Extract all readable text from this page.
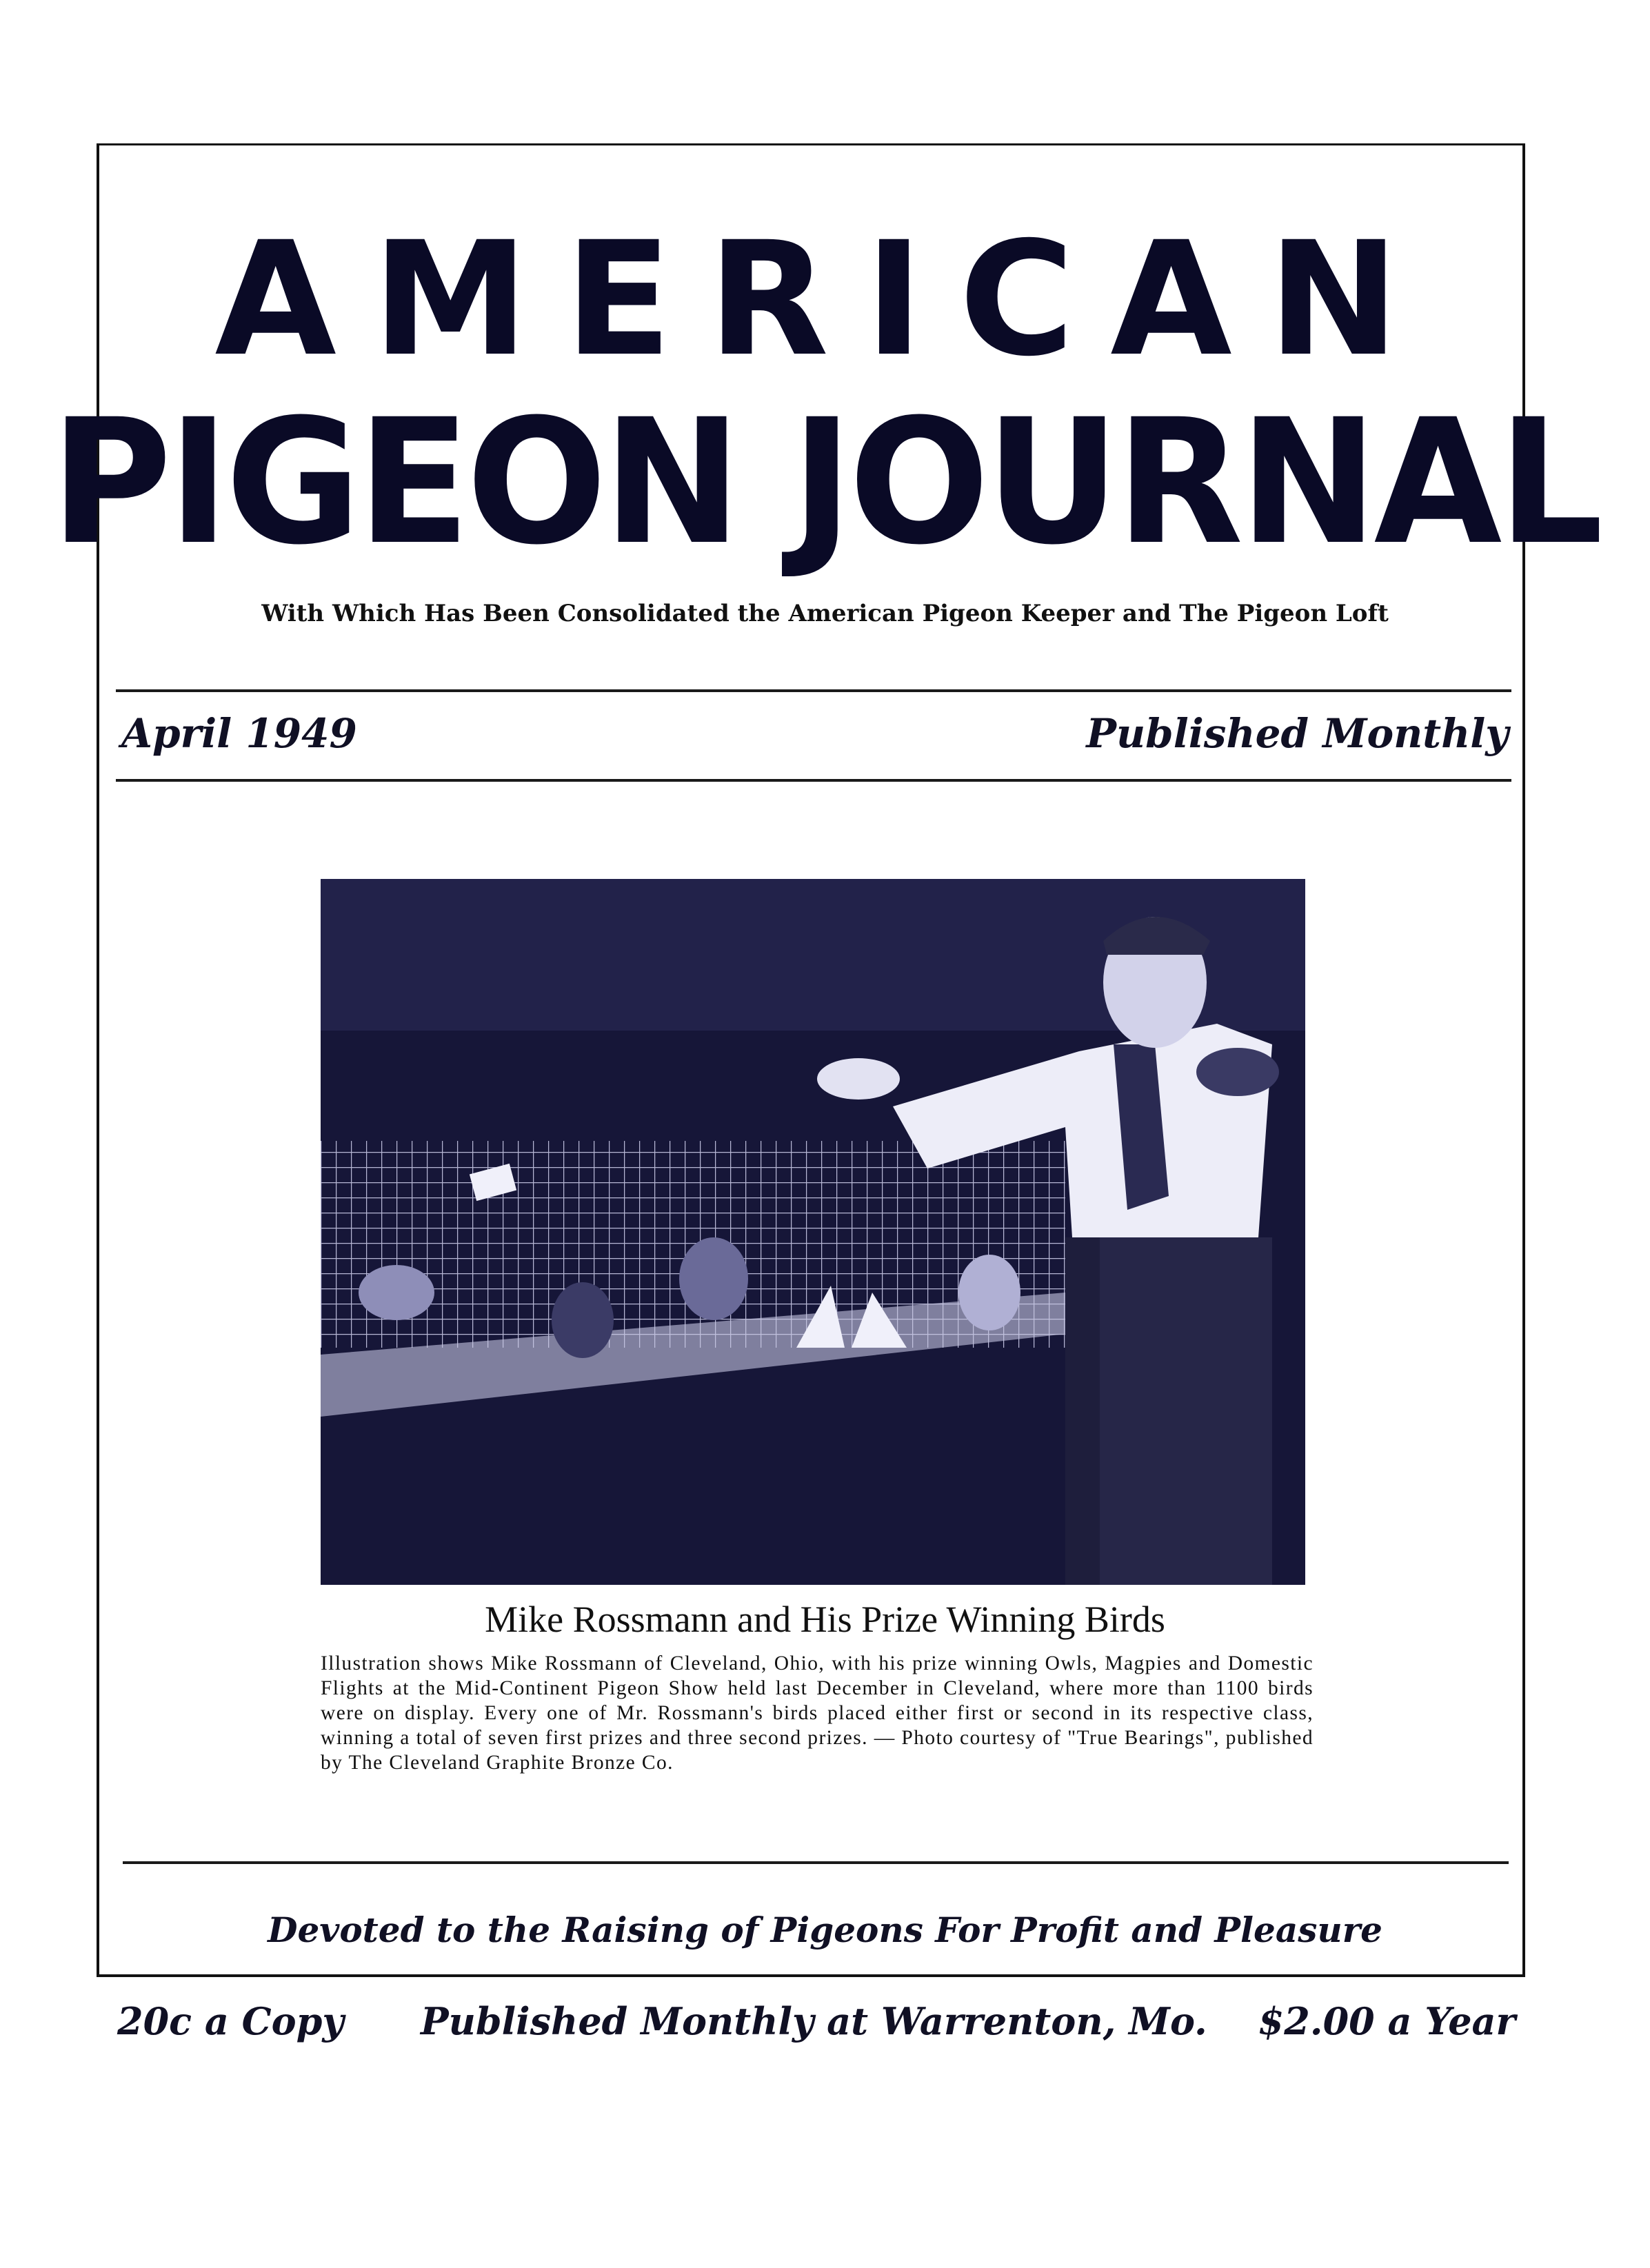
AMERICAN
PIGEON JOURNAL
With Which Has Been Consolidated the American Pigeon Keeper and The Pigeon Loft
April 1949	Published Monthly
Mike Rossmann and His Prize Winning Birds
Illustration shows Mike Rossmann of Cleveland, Ohio, with his prize winning Owls, Magpies and Domestic Flights at the Mid-Continent Pigeon Show held last December in Cleveland, where more than 1100 birds were on display. Every one of Mr. Rossmann's birds placed either first or second in its respective class, winning a total of seven first prizes and three second prizes. — Photo courtesy of "True Bearings", published by The Cleveland Graphite Bronze Co.
Devoted to the Raising of Pigeons For Profit and Pleasure
20c a Copy Published Monthly at Warrenton, Mo. $2.00 a Year
